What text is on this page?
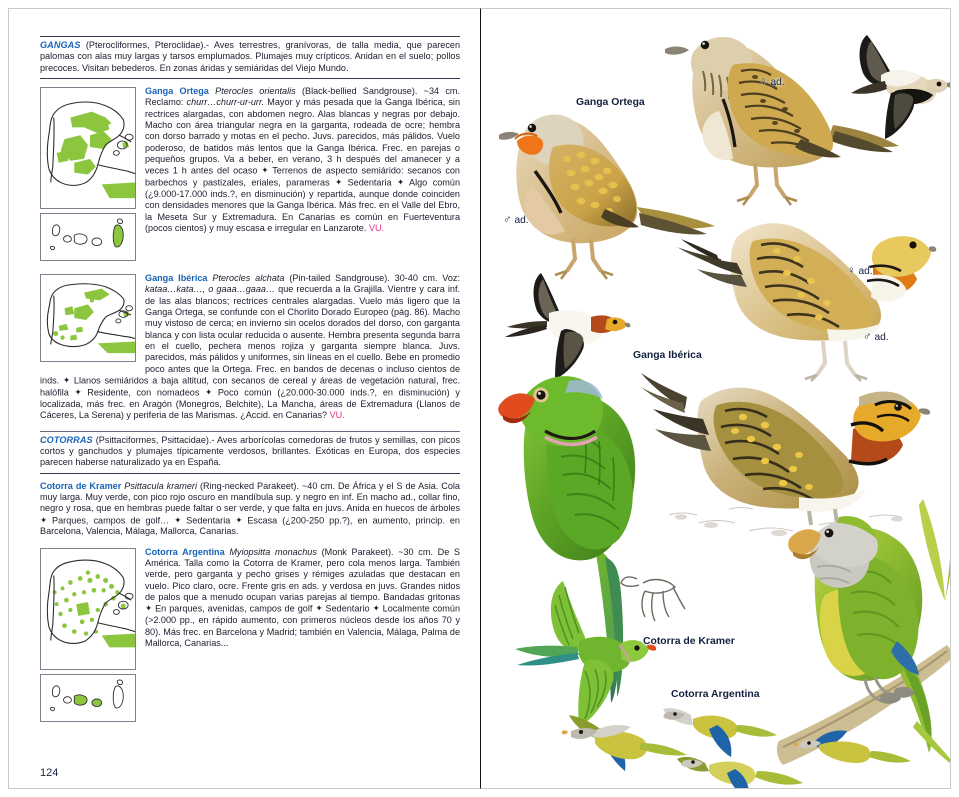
GANGAS (Pterocliformes, Pteroclidae).- Aves terrestres, granívoras, de talla media, que parecen palomas con alas muy largas y tarsos emplumados. Plumajes muy crípticos. Anidan en el suelo; pollos precoces. Visitan bebederos. En zonas áridas y semiáridas del Viejo Mundo.
Ganga Ortega Pterocles orientalis (Black-bellied Sandgrouse). ~34 cm. Reclamo: churr…churr-ur-urr. Mayor y más pesada que la Ganga Ibérica, sin rectrices alargadas, con abdomen negro. Alas blancas y negras por debajo. Macho con área triangular negra en la garganta, rodeada de ocre; hembra con dorso barrado y motas en el pecho. Juvs. parecidos, más pálidos. Vuelo poderoso, de batidos más lentos que la Ganga Ibérica. Frec. en parejas o pequeños grupos. Va a beber, en verano, 3 h después del amanecer y a veces 1 h antes del ocaso ✦ Terrenos de aspecto semiárido: secanos con barbechos y pastizales, eriales, parameras ✦ Sedentaria ✦ Algo común (¿9.000-17.000 inds.?, en disminución) y repartida, aunque donde coinciden con densidades menores que la Ganga Ibérica. Más frec. en el Valle del Ebro, la Meseta Sur y Extremadura. En Canarias es común en Fuerteventura (pocos cientos) y muy escasa e irregular en Lanzarote. VU.
Ganga Ibérica Pterocles alchata (Pin-tailed Sandgrouse). 30-40 cm. Voz: kataa…kata…, o gaaa…gaaa… que recuerda a la Grajilla. Vientre y cara inf. de las alas blancos; rectrices centrales alargadas. Vuelo más ligero que la Ganga Ortega, se confunde con el Chorlito Dorado Europeo (pág. 86). Macho muy vistoso de cerca; en invierno sin ocelos dorados del dorso, con garganta blanca y con lista ocular reducida o ausente. Hembra presenta segunda barra en el cuello, pechera menos rojiza y garganta siempre blanca. Juvs. parecidos, más pálidos y uniformes, sin líneas en el cuello. Bebe en promedio poco antes que la Ortega. Frec. en bandos de decenas o incluso cientos de inds. ✦ Llanos semiáridos a baja altitud, con secanos de cereal y áreas de vegetación natural, frec. halófila ✦ Residente, con nomadeos ✦ Poco común (¿20.000-30.000 inds.?, en disminución) y localizada, más frec. en Aragón (Monegros, Belchite), La Mancha, áreas de Extremadura (Llanos de Cáceres, La Serena) y periferia de las Marismas. ¿Accid. en Canarias? VU.
COTORRAS (Psittaciformes, Psittacidae).- Aves arborícolas comedoras de frutos y semillas, con picos cortos y ganchudos y plumajes típicamente verdosos, brillantes. Exóticas en Europa, dos especies parecen haberse naturalizado ya en España.
Cotorra de Kramer Psittacula krameri (Ring-necked Parakeet). ~40 cm. De África y el S de Asia. Cola muy larga. Muy verde, con pico rojo oscuro en mandíbula sup. y negro en inf. En macho ad., collar fino, negro y rosa, que en hembras puede faltar o ser verde, y que falta en juvs. Anida en huecos de árboles ✦ Parques, campos de golf… ✦ Sedentaria ✦ Escasa (¿200-250 pp.?), en aumento, princip. en Barcelona, Valencia, Málaga, Mallorca, Canarias.
Cotorra Argentina Myiopsitta monachus (Monk Parakeet). ~30 cm. De S América. Talla como la Cotorra de Kramer, pero cola menos larga. También verde, pero garganta y pecho grises y rémiges azuladas que destacan en vuelo. Pico claro, ocre. Frente gris en ads. y verdosa en juvs. Grandes nidos de palos que a menudo ocupan varias parejas al tiempo. Bandadas gritonas ✦ En parques, avenidas, campos de golf ✦ Sedentario ✦ Localmente común (>2.000 pp., en rápido aumento, con primeros núcleos desde los años 70 y 80). Más frec. en Barcelona y Madrid; también en Valencia, Málaga, Palma de Mallorca, Canarias...
124
Ganga Ortega
Ganga Ibérica
Cotorra de Kramer
Cotorra Argentina
♀ ad.
♂ ad.
♀ ad.
♂ ad.
